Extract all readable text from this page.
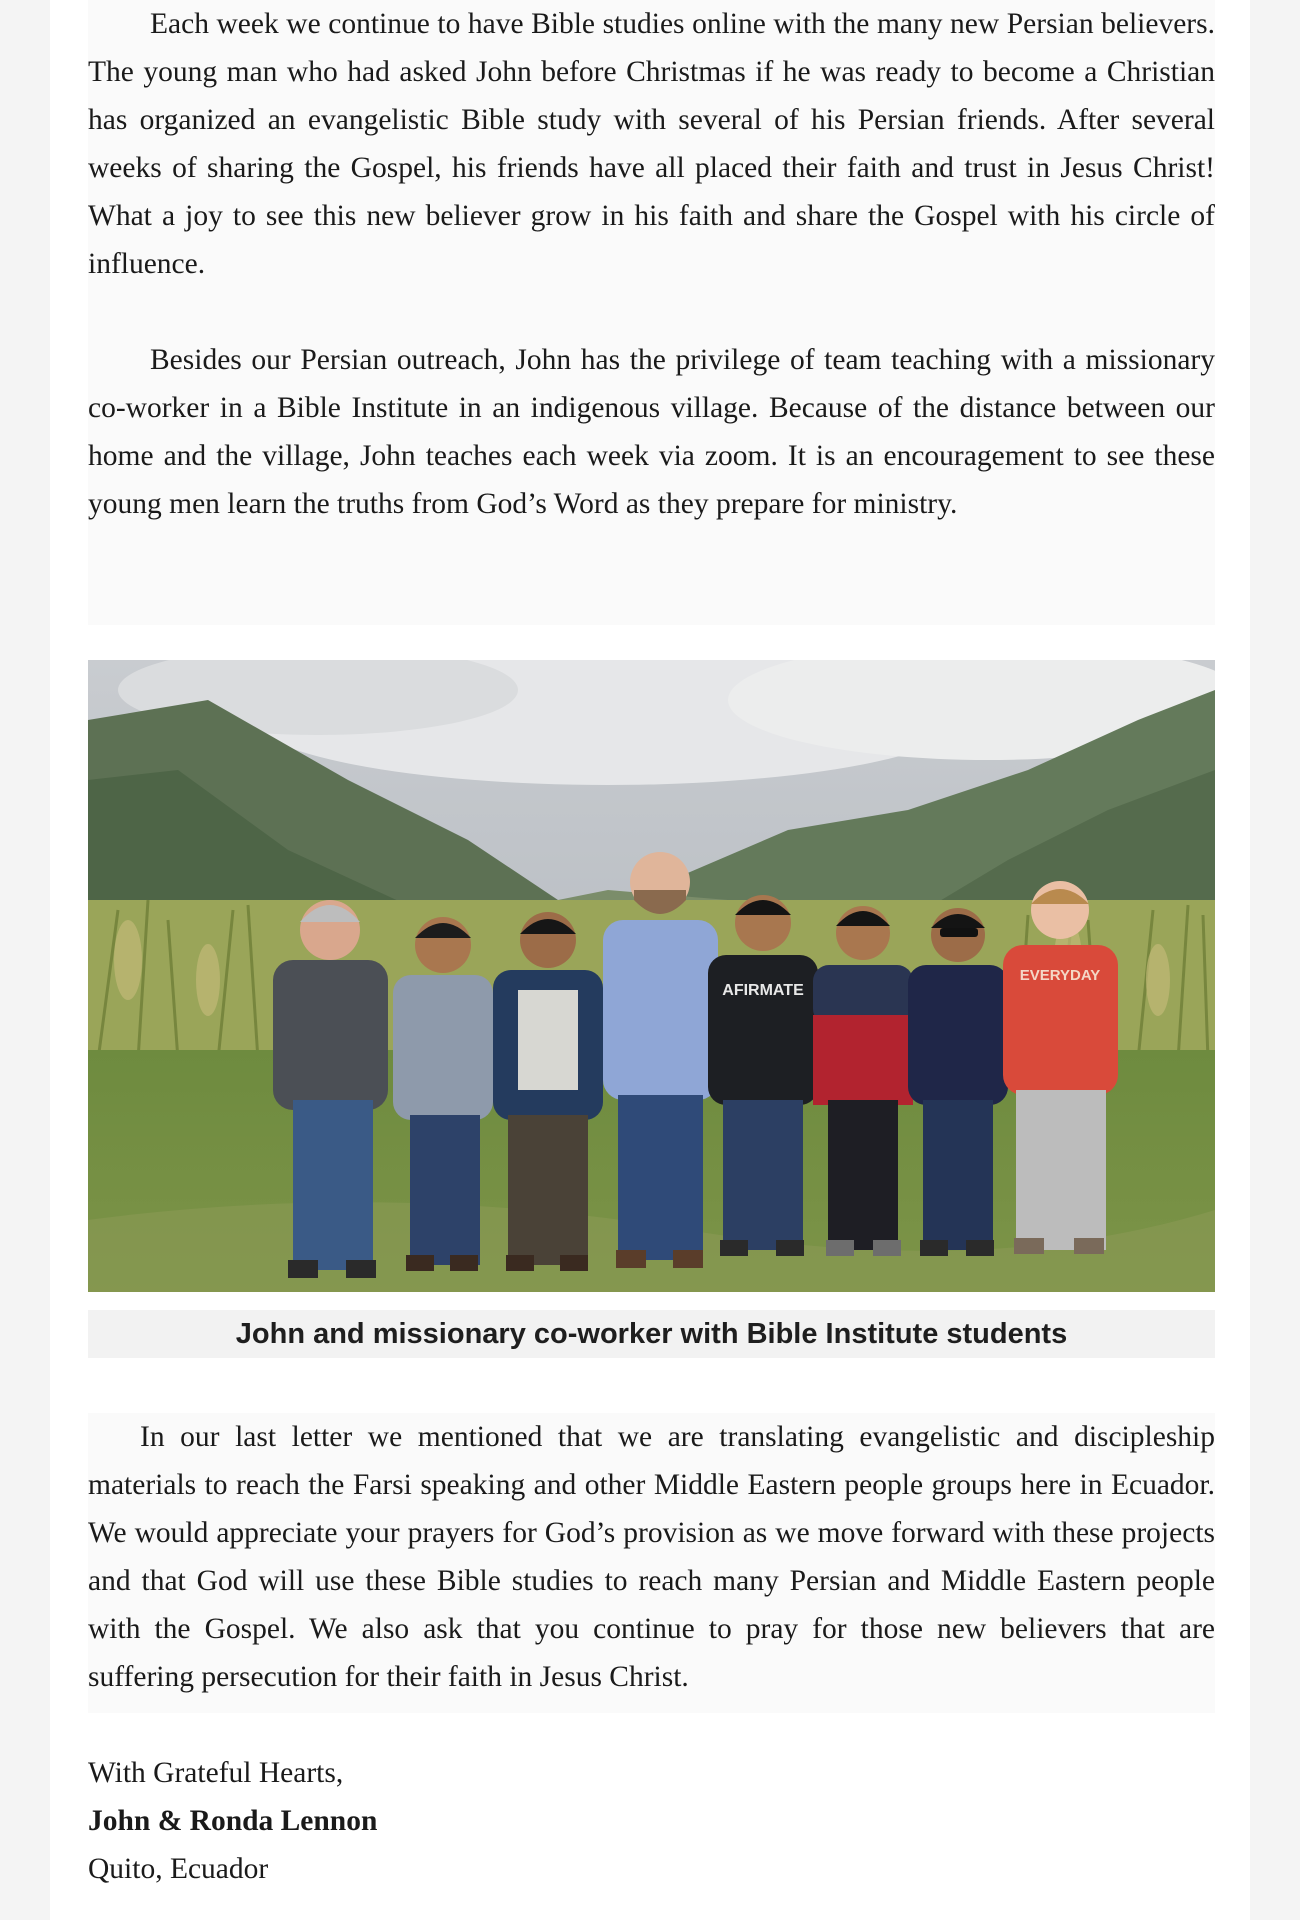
Each week we continue to have Bible studies online with the many new Persian believers. The young man who had asked John before Christmas if he was ready to become a Christian has organized an evangelistic Bible study with several of his Persian friends. After several weeks of sharing the Gospel, his friends have all placed their faith and trust in Jesus Christ! What a joy to see this new believer grow in his faith and share the Gospel with his circle of influence.

Besides our Persian outreach, John has the privilege of team teaching with a missionary co-worker in a Bible Institute in an indigenous village. Because of the distance between our home and the village, John teaches each week via zoom. It is an encouragement to see these young men learn the truths from God’s Word as they prepare for ministry.

AFIRMATE
EVERYDAY
John and missionary co-worker with Bible Institute students

In our last letter we mentioned that we are translating evangelistic and discipleship materials to reach the Farsi speaking and other Middle Eastern people groups here in Ecuador. We would appreciate your prayers for God’s provision as we move forward with these projects and that God will use these Bible studies to reach many Persian and Middle Eastern people with the Gospel. We also ask that you continue to pray for those new believers that are suffering persecution for their faith in Jesus Christ.

With Grateful Hearts,
John & Ronda Lennon
Quito, Ecuador
